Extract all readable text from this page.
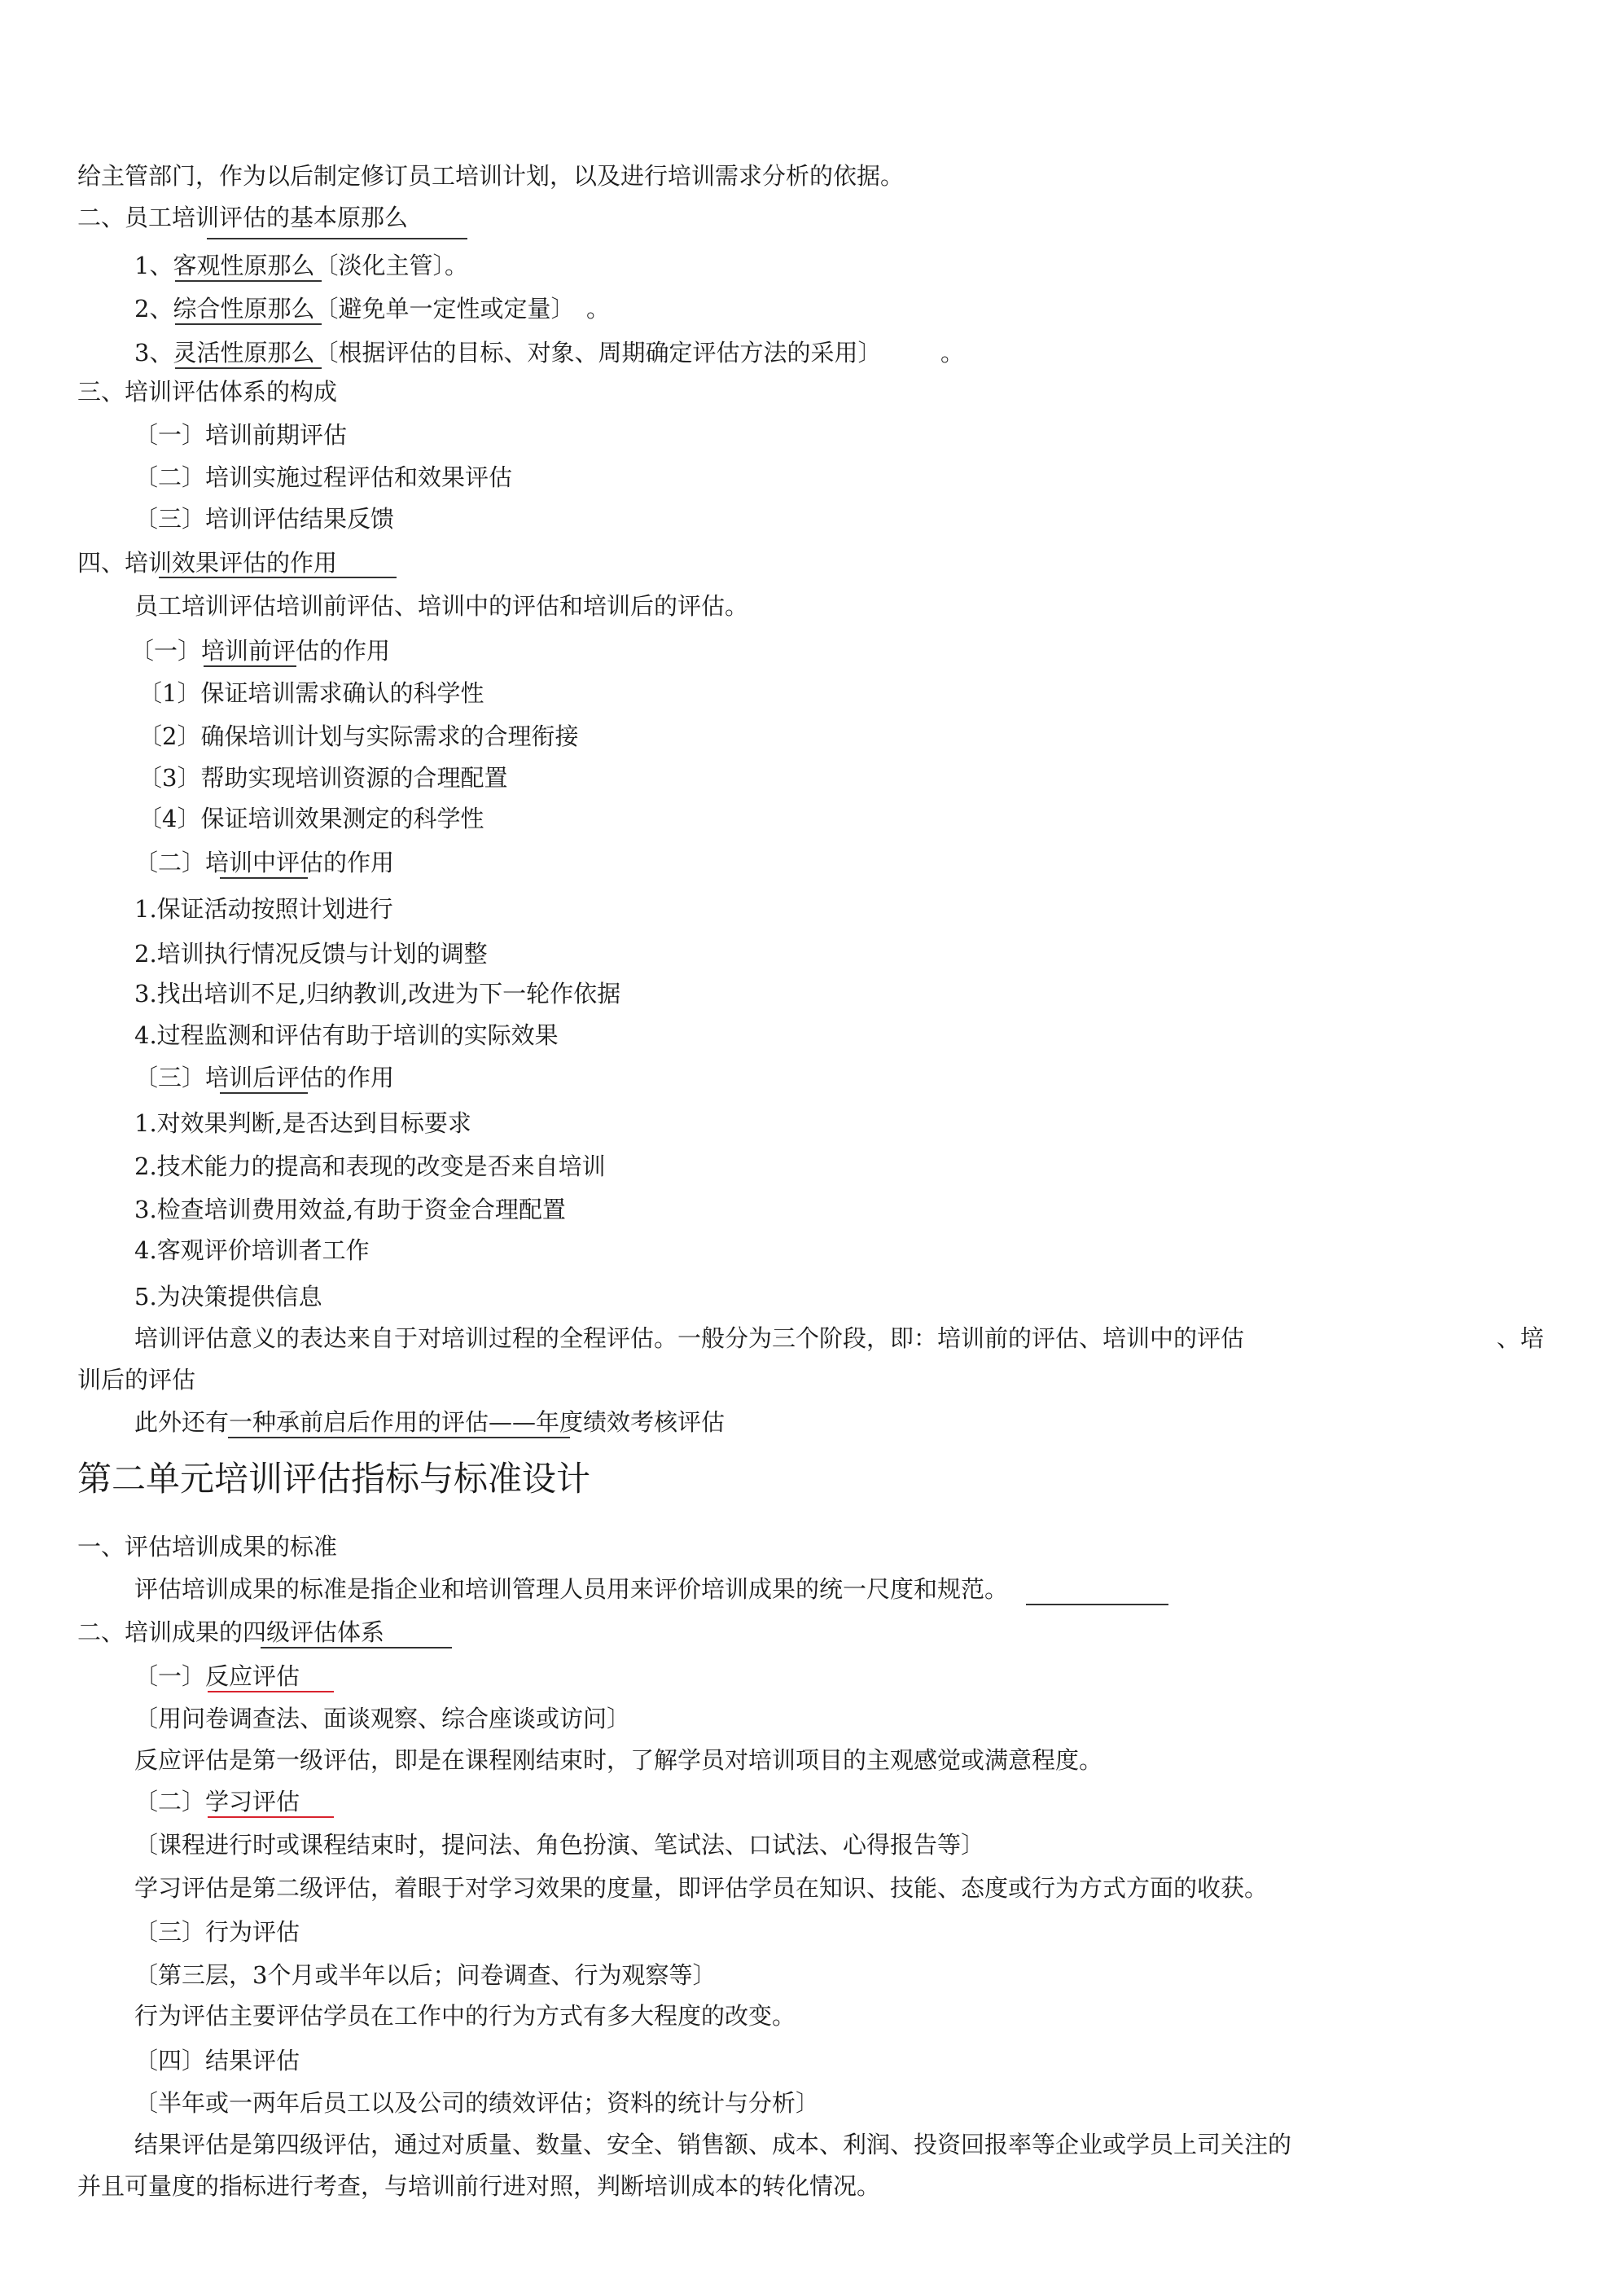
给主管部门，作为以后制定修订员工培训计划，以及进行培训需求分析的依据。
二、员工培训评估的基本原那么
1、客观性原那么〔淡化主管〕。
2、综合性原那么〔避免单一定性或定量〕　。
3、灵活性原那么〔根据评估的目标、对象、周期确定评估方法的采用〕　　　。
三、培训评估体系的构成
〔一〕培训前期评估
〔二〕培训实施过程评估和效果评估
〔三〕培训评估结果反馈
四、培训效果评估的作用
员工培训评估培训前评估、培训中的评估和培训后的评估。
〔一〕培训前评估的作用
〔1〕保证培训需求确认的科学性
〔2〕确保培训计划与实际需求的合理衔接
〔3〕帮助实现培训资源的合理配置
〔4〕保证培训效果测定的科学性
〔二〕培训中评估的作用
1.保证活动按照计划进行
2.培训执行情况反馈与计划的调整
3.找出培训不足,归纳教训,改进为下一轮作依据
4.过程监测和评估有助于培训的实际效果
〔三〕培训后评估的作用
1.对效果判断,是否达到目标要求
2.技术能力的提高和表现的改变是否来自培训
3.检查培训费用效益,有助于资金合理配置
4.客观评价培训者工作
5.为决策提供信息
培训评估意义的表达来自于对培训过程的全程评估。一般分为三个阶段，即：培训前的评估、培训中的评估	、培
训后的评估
此外还有一种承前启后作用的评估——年度绩效考核评估
第二单元培训评估指标与标准设计
一、评估培训成果的标准
评估培训成果的标准是指企业和培训管理人员用来评价培训成果的统一尺度和规范。
二、培训成果的四级评估体系
〔一〕反应评估
〔用问卷调查法、面谈观察、综合座谈或访问〕
反应评估是第一级评估，即是在课程刚结束时，了解学员对培训项目的主观感觉或满意程度。
〔二〕学习评估
〔课程进行时或课程结束时，提问法、角色扮演、笔试法、口试法、心得报告等〕
学习评估是第二级评估，着眼于对学习效果的度量，即评估学员在知识、技能、态度或行为方式方面的收获。
〔三〕行为评估
〔第三层，3个月或半年以后；问卷调查、行为观察等〕
行为评估主要评估学员在工作中的行为方式有多大程度的改变。
〔四〕结果评估
〔半年或一两年后员工以及公司的绩效评估；资料的统计与分析〕
结果评估是第四级评估，通过对质量、数量、安全、销售额、成本、利润、投资回报率等企业或学员上司关注的
并且可量度的指标进行考查，与培训前行进对照，判断培训成本的转化情况。
